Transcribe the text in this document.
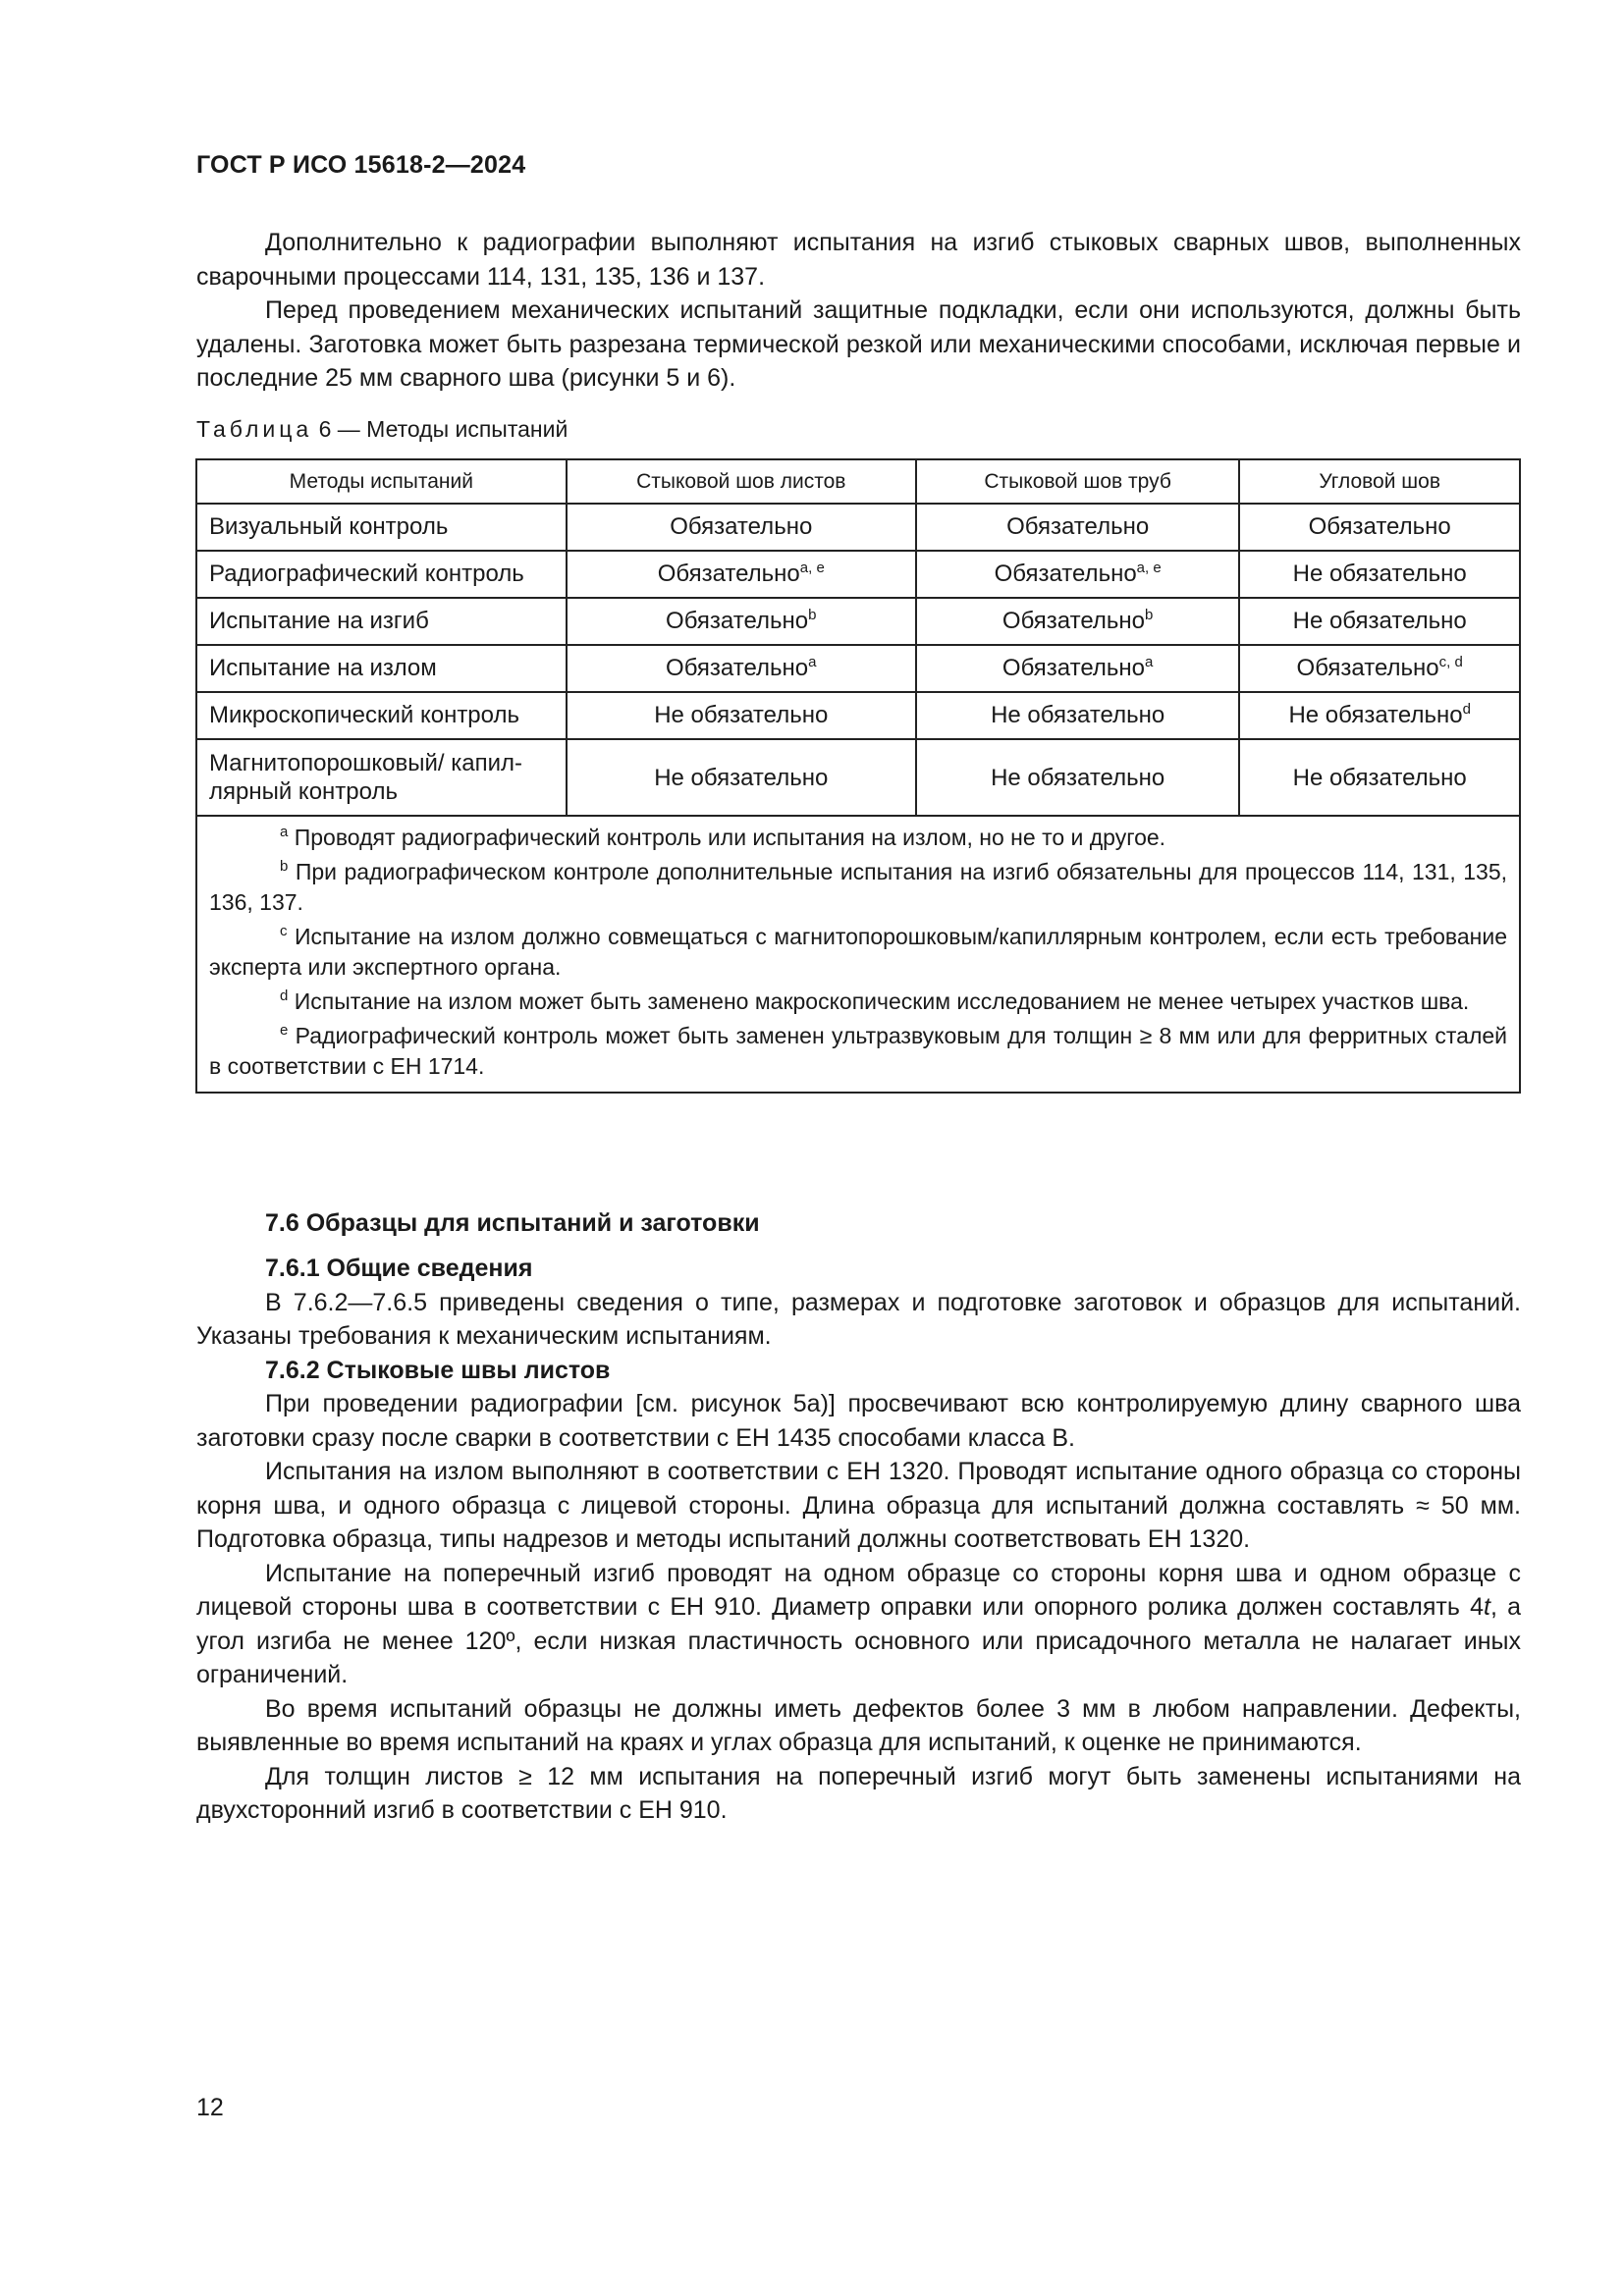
ГОСТ Р ИСО 15618-2—2024

Дополнительно к радиографии выполняют испытания на изгиб стыковых сварных швов, выполненных сварочными процессами 114, 131, 135, 136 и 137.

Перед проведением механических испытаний защитные подкладки, если они используются, должны быть удалены. Заготовка может быть разрезана термической резкой или механическими способами, исключая первые и последние 25 мм сварного шва (рисунки 5 и 6).

Таблица 6 — Методы испытаний
Методы испытаний	Стыковой шов листов	Стыковой шов труб	Угловой шов
Визуальный контроль	Обязательно	Обязательно	Обязательно
Радиографический контроль	Обязательно$^{a, e}$	Обязательно$^{a, e}$	Не обязательно
Испытание на изгиб	Обязательно$^b$	Обязательно$^b$	Не обязательно
Испытание на излом	Обязательно$^a$	Обязательно$^a$	Обязательно$^{c, d}$
Микроскопический контроль	Не обязательно	Не обязательно	Не обязательно$^d$
Магнитопорошковый/ капил-
лярный контроль	Не обязательно	Не обязательно	Не обязательно

$^a$ Проводят радиографический контроль или испытания на излом, но не то и другое.

$^b$ При радиографическом контроле дополнительные испытания на изгиб обязательны для процессов 114, 131, 135, 136, 137.

$^c$ Испытание на излом должно совмещаться с магнитопорошковым/капиллярным контролем, если есть требование эксперта или экспертного органа.

$^d$ Испытание на излом может быть заменено макроскопическим исследованием не менее четырех участков шва.

$^e$ Радиографический контроль может быть заменен ультразвуковым для толщин ≥ 8 мм или для ферритных сталей в соответствии с ЕН 1714.			

7.6 Образцы для испытаний и заготовки

7.6.1 Общие сведения

В 7.6.2—7.6.5 приведены сведения о типе, размерах и подготовке заготовок и образцов для испытаний. Указаны требования к механическим испытаниям.

7.6.2 Стыковые швы листов

При проведении радиографии [см. рисунок 5а)] просвечивают всю контролируемую длину сварного шва заготовки сразу после сварки в соответствии с ЕН 1435 способами класса В.

Испытания на излом выполняют в соответствии с ЕН 1320. Проводят испытание одного образца со стороны корня шва, и одного образца с лицевой стороны. Длина образца для испытаний должна составлять ≈ 50 мм. Подготовка образца, типы надрезов и методы испытаний должны соответствовать ЕН 1320.

Испытание на поперечный изгиб проводят на одном образце со стороны корня шва и одном образце с лицевой стороны шва в соответствии с ЕН 910. Диаметр оправки или опорного ролика должен составлять 4t, а угол изгиба не менее 120º, если низкая пластичность основного или присадочного металла не налагает иных ограничений.

Во время испытаний образцы не должны иметь дефектов более 3 мм в любом направлении. Дефекты, выявленные во время испытаний на краях и углах образца для испытаний, к оценке не принимаются.

Для толщин листов ≥ 12 мм испытания на поперечный изгиб могут быть заменены испытаниями на двухсторонний изгиб в соответствии с ЕН 910.

12
